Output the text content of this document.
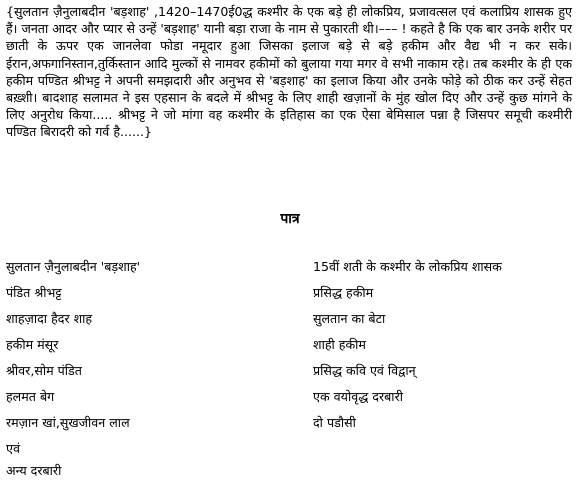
{सुलतान ज़ैनुलाबदीन 'बड़शाह' ,1420–1470ई0द्ध कश्मीर के एक बड़े ही लोकप्रिय, प्रजावत्सल एवं कलाप्रिय शासक हुए हैं। जनता आदर और प्यार से उन्हें 'बड़शाह' यानी बड़ा राजा के नाम से पुकारती थी।––– ! कहते है कि एक बार उनके शरीर पर छाती के ऊपर एक जानलेवा फोडा नमूदार हुआ जिसका इलाज बड़े से बड़े हकीम और वैद्य भी न कर सके। ईरान,अफगानिस्तान,तुर्किस्तान आदि मुल्कों से नामवर हकीमों को बुलाया गया मगर वे सभी नाकाम रहे। तब कश्मीर के ही एक हकीम पण्डित श्रीभट्ट ने अपनी समझदारी और अनुभव से 'बड़शाह' का इलाज किया और उनके फोड़े को ठीक कर उन्हें सेहत बख़्शी। बादशाह सलामत ने इस एहसान के बदले में श्रीभट्ट के लिए शाही खज़ानों के मुंह खोल दिए और उन्हें कुछ मांगने के लिए अनुरोध किया..... श्रीभट्ट ने जो मांगा वह कश्मीर के इतिहास का एक ऐसा बेमिसाल पन्ना है जिसपर समूची कश्मीरी पण्डित बिरादरी को गर्व है......}

पात्र

सुलतान ज़ैनुलाबदीन 'बड़शाह'	15वीं शती के कश्मीर के लोकप्रिय शासक
पंडित श्रीभट्ट	प्रसिद्ध हकीम
शाहज़ादा हैदर शाह	सुलतान का बेटा
हकीम मंसूर	शाही हकीम
श्रीवर,सोम पंडित	प्रसिद्ध कवि एवं विद्वान्
हलमत बेग	एक वयोवृद्ध दरबारी
रमज़ान खां,सुखजीवन लाल	दो पडौसी
एवं
अन्य दरबारी
